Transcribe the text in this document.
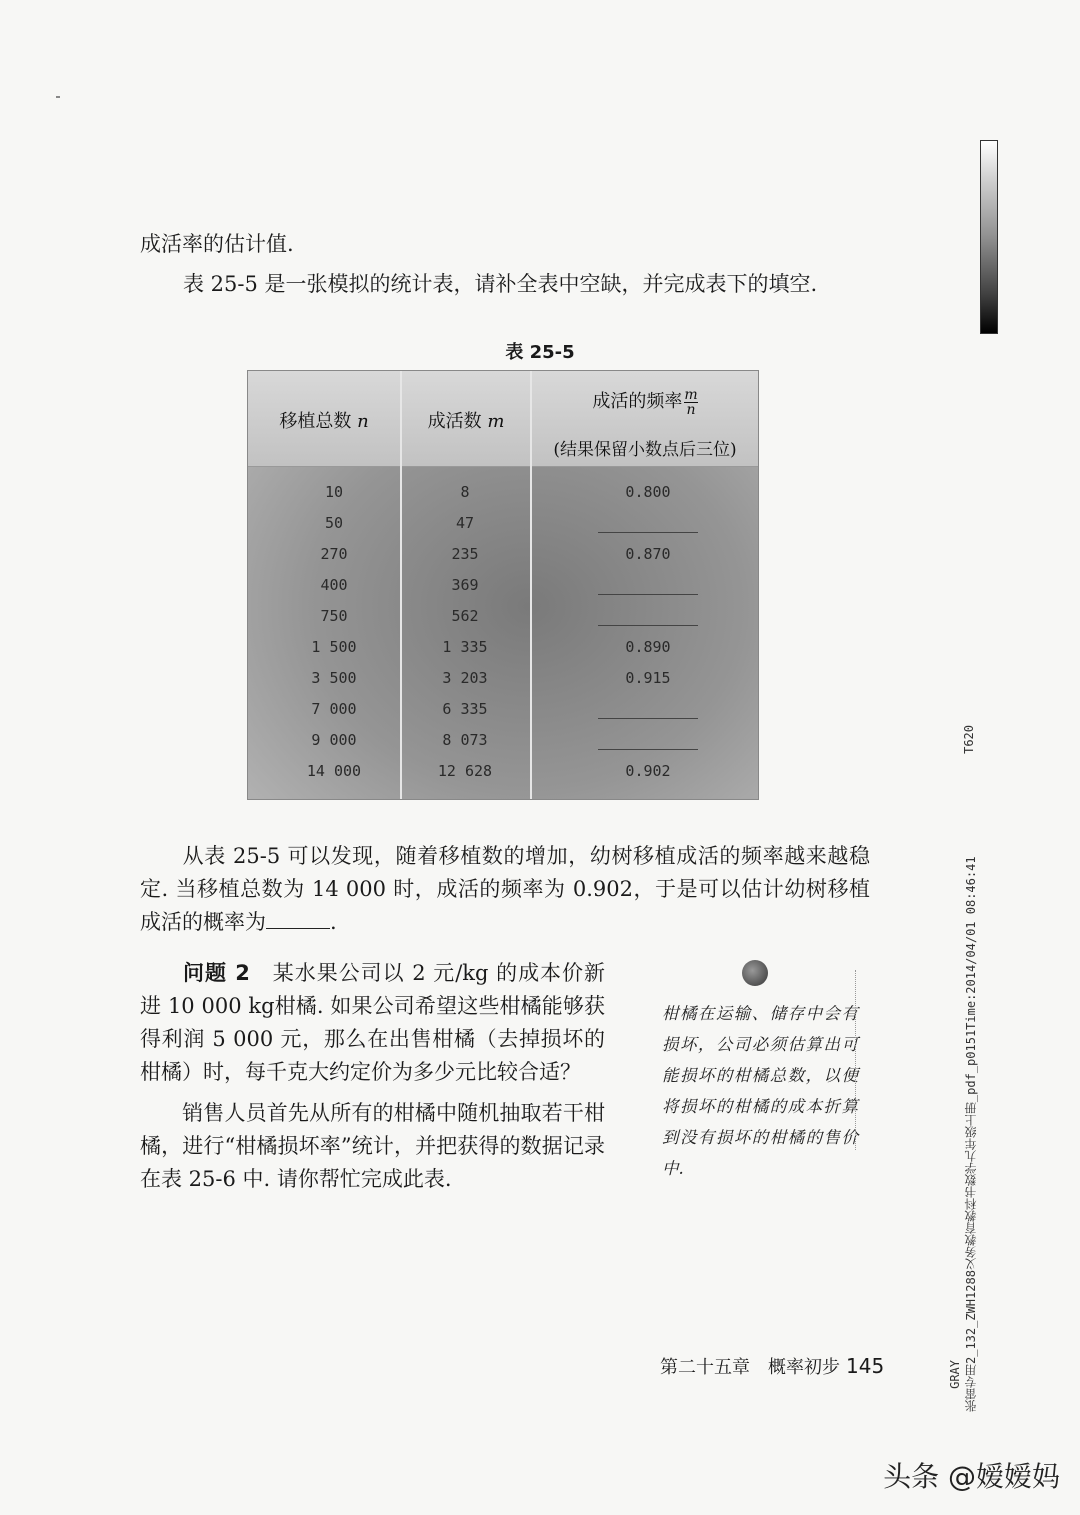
成活率的估计值.
表 25-5 是一张模拟的统计表，请补全表中空缺，并完成表下的填空.
表 25-5
移植总数 n	成活数 m
成活的频率 $\frac{m}{n}$
(结果保留小数点后三位)
10	8	0.800
50	47
270	235	0.870
400	369
750	562
1 500	1 335	0.890
3 500	3 203	0.915
7 000	6 335
9 000	8 073
14 000	12 628	0.902
从表 25-5 可以发现，随着移植数的增加，幼树移植成活的频率越来越稳定. 当移植总数为 14 000 时，成活的频率为 0.902，于是可以估计幼树移植成活的概率为	.
问题 2　 某水果公司以 2 元/kg 的成本价新进 10 000 kg柑橘. 如果公司希望这些柑橘能够获得利润 5 000 元，那么在出售柑橘（去掉损坏的柑橘）时，每千克大约定价为多少元比较合适？
销售人员首先从所有的柑橘中随机抽取若干柑橘，进行“柑橘损坏率”统计，并把获得的数据记录在表 25-6 中. 请你帮忙完成此表.
柑橘在运输、储存中会有损坏，公司必须估算出可能损坏的柑橘总数，以便将损坏的柑橘的成本折算到没有损坏的柑橘的售价中.
第二十五章　概率初步 145
T620
张雷专用2_132_ZWH1288义务教育教科书数学九年级上册_pdf_p0151Time:2014/04/01 08:46:41
GRAY
头条 @嫒嫒妈
